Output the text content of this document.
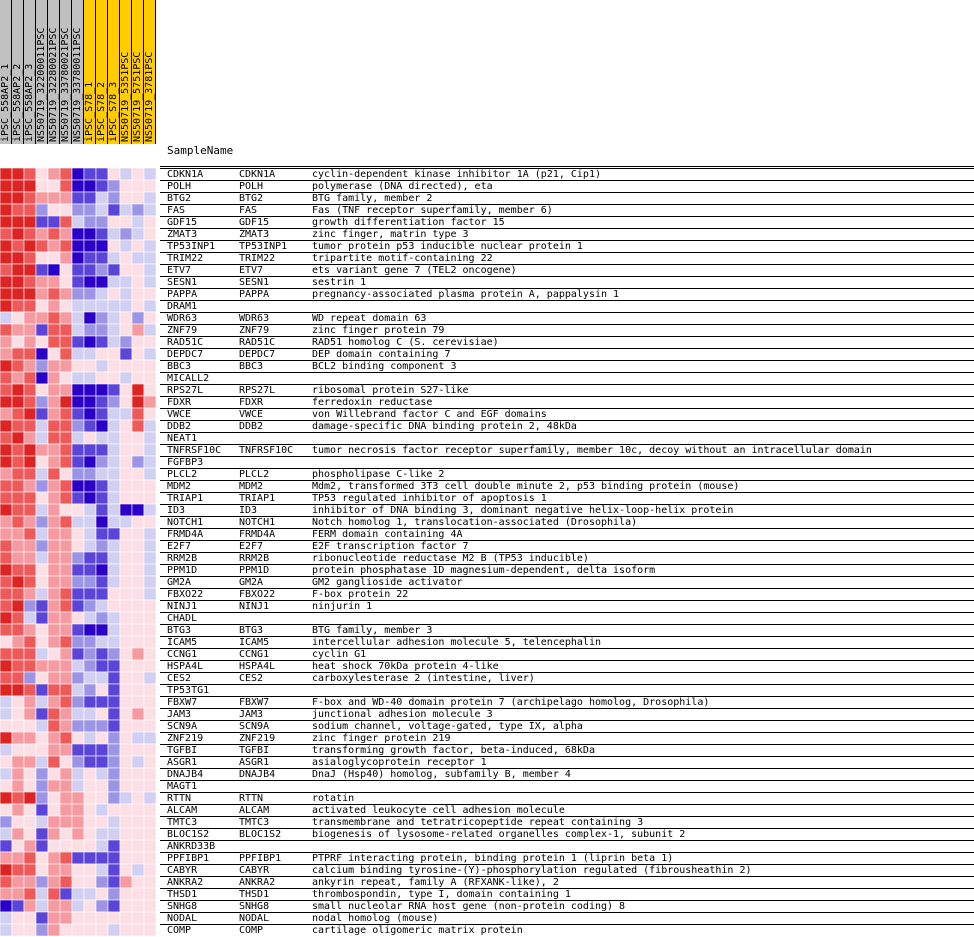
iPSC_558AP2_1 iPSC_558AP2_2 iPSC_558AP2_3 NS50719_32200011PSC NS50719_32280021PSC NS50719_33780021PSC NS50719_33780011PSC iPSC_S78_1 iPSC_S78_2 iPSC_S78_3 NS50719_5351PSC NS50719_5751PSC NS50719_3781PSC
SampleName
CDKN1A	CDKN1A	cyclin-dependent kinase inhibitor 1A (p21, Cip1)
POLH	POLH	polymerase (DNA directed), eta
BTG2	BTG2	BTG family, member 2
FAS	FAS	Fas (TNF receptor superfamily, member 6)
GDF15	GDF15	growth differentiation factor 15
ZMAT3	ZMAT3	zinc finger, matrin type 3
TP53INP1 TP53INP1 tumor protein p53 inducible nuclear protein 1
TRIM22	TRIM22	tripartite motif-containing 22
ETV7	ETV7	ets variant gene 7 (TEL2 oncogene)
SESN1	SESN1	sestrin 1
PAPPA	PAPPA	pregnancy-associated plasma protein A, pappalysin 1
DRAM1
WDR63	WDR63	WD repeat domain 63
ZNF79	ZNF79	zinc finger protein 79
RAD51C	RAD51C	RAD51 homolog C (S. cerevisiae)
DEPDC7	DEPDC7	DEP domain containing 7
BBC3	BBC3	BCL2 binding component 3
MICALL2
RPS27L	RPS27L	ribosomal protein S27-like
FDXR	FDXR	ferredoxin reductase
VWCE	VWCE	von Willebrand factor C and EGF domains
DDB2	DDB2	damage-specific DNA binding protein 2, 48kDa
NEAT1
TNFRSF10C TNFRSF10C tumor necrosis factor receptor superfamily, member 10c, decoy without an intracellular domain
FGFBP3
PLCL2	PLCL2	phospholipase C-like 2
MDM2	MDM2	Mdm2, transformed 3T3 cell double minute 2, p53 binding protein (mouse)
TRIAP1	TRIAP1	TP53 regulated inhibitor of apoptosis 1
ID3	ID3	inhibitor of DNA binding 3, dominant negative helix-loop-helix protein
NOTCH1	NOTCH1	Notch homolog 1, translocation-associated (Drosophila)
FRMD4A	FRMD4A	FERM domain containing 4A
E2F7	E2F7	E2F transcription factor 7
RRM2B	RRM2B	ribonucleotide reductase M2 B (TP53 inducible)
PPM1D	PPM1D	protein phosphatase 1D magnesium-dependent, delta isoform
GM2A	GM2A	GM2 ganglioside activator
FBXO22	FBXO22	F-box protein 22
NINJ1	NINJ1	ninjurin 1
CHADL
BTG3	BTG3	BTG family, member 3
ICAM5	ICAM5	intercellular adhesion molecule 5, telencephalin
CCNG1	CCNG1	cyclin G1
HSPA4L	HSPA4L	heat shock 70kDa protein 4-like
CES2	CES2	carboxylesterase 2 (intestine, liver)
TP53TG1
FBXW7	FBXW7	F-box and WD-40 domain protein 7 (archipelago homolog, Drosophila)
JAM3	JAM3	junctional adhesion molecule 3
SCN9A	SCN9A	sodium channel, voltage-gated, type IX, alpha
ZNF219	ZNF219	zinc finger protein 219
TGFBI	TGFBI	transforming growth factor, beta-induced, 68kDa
ASGR1	ASGR1	asialoglycoprotein receptor 1
DNAJB4	DNAJB4	DnaJ (Hsp40) homolog, subfamily B, member 4
MAGT1
RTTN	RTTN	rotatin
ALCAM	ALCAM	activated leukocyte cell adhesion molecule
TMTC3	TMTC3	transmembrane and tetratricopeptide repeat containing 3
BLOC1S2	BLOC1S2	biogenesis of lysosome-related organelles complex-1, subunit 2
ANKRD33B
PPFIBP1	PPFIBP1	PTPRF interacting protein, binding protein 1 (liprin beta 1)
CABYR	CABYR	calcium binding tyrosine-(Y)-phosphorylation regulated (fibrousheathin 2)
ANKRA2	ANKRA2	ankyrin repeat, family A (RFXANK-like), 2
THSD1	THSD1	thrombospondin, type I, domain containing 1
SNHG8	SNHG8	small nucleolar RNA host gene (non-protein coding) 8
NODAL	NODAL	nodal homolog (mouse)
COMP	COMP	cartilage oligomeric matrix protein
